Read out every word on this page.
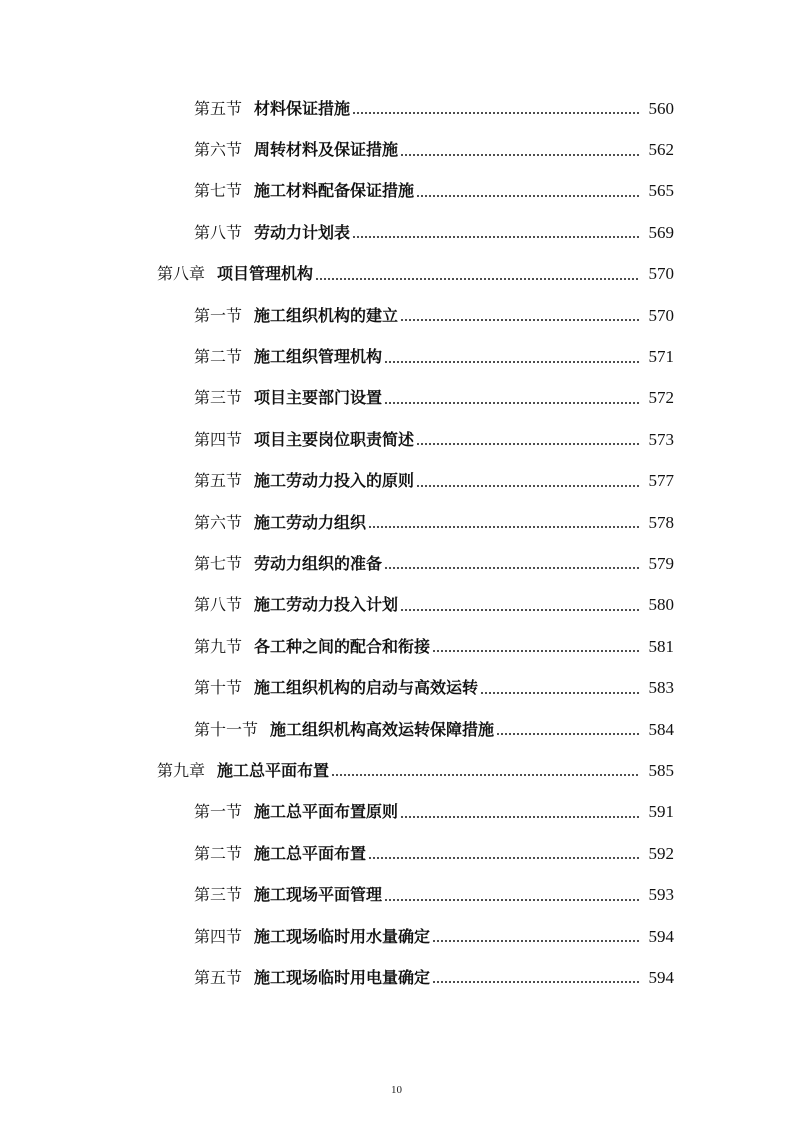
第五节 材料保证措施	560
第六节 周转材料及保证措施	562
第七节 施工材料配备保证措施	565
第八节 劳动力计划表	569
第八章 项目管理机构	570
第一节 施工组织机构的建立	570
第二节 施工组织管理机构	571
第三节 项目主要部门设置	572
第四节 项目主要岗位职责简述	573
第五节 施工劳动力投入的原则	577
第六节 施工劳动力组织	578
第七节 劳动力组织的准备	579
第八节 施工劳动力投入计划	580
第九节 各工种之间的配合和衔接	581
第十节 施工组织机构的启动与高效运转	583
第十一节 施工组织机构高效运转保障措施	584
第九章 施工总平面布置	585
第一节 施工总平面布置原则	591
第二节 施工总平面布置	592
第三节 施工现场平面管理	593
第四节 施工现场临时用水量确定	594
第五节 施工现场临时用电量确定	594
10
